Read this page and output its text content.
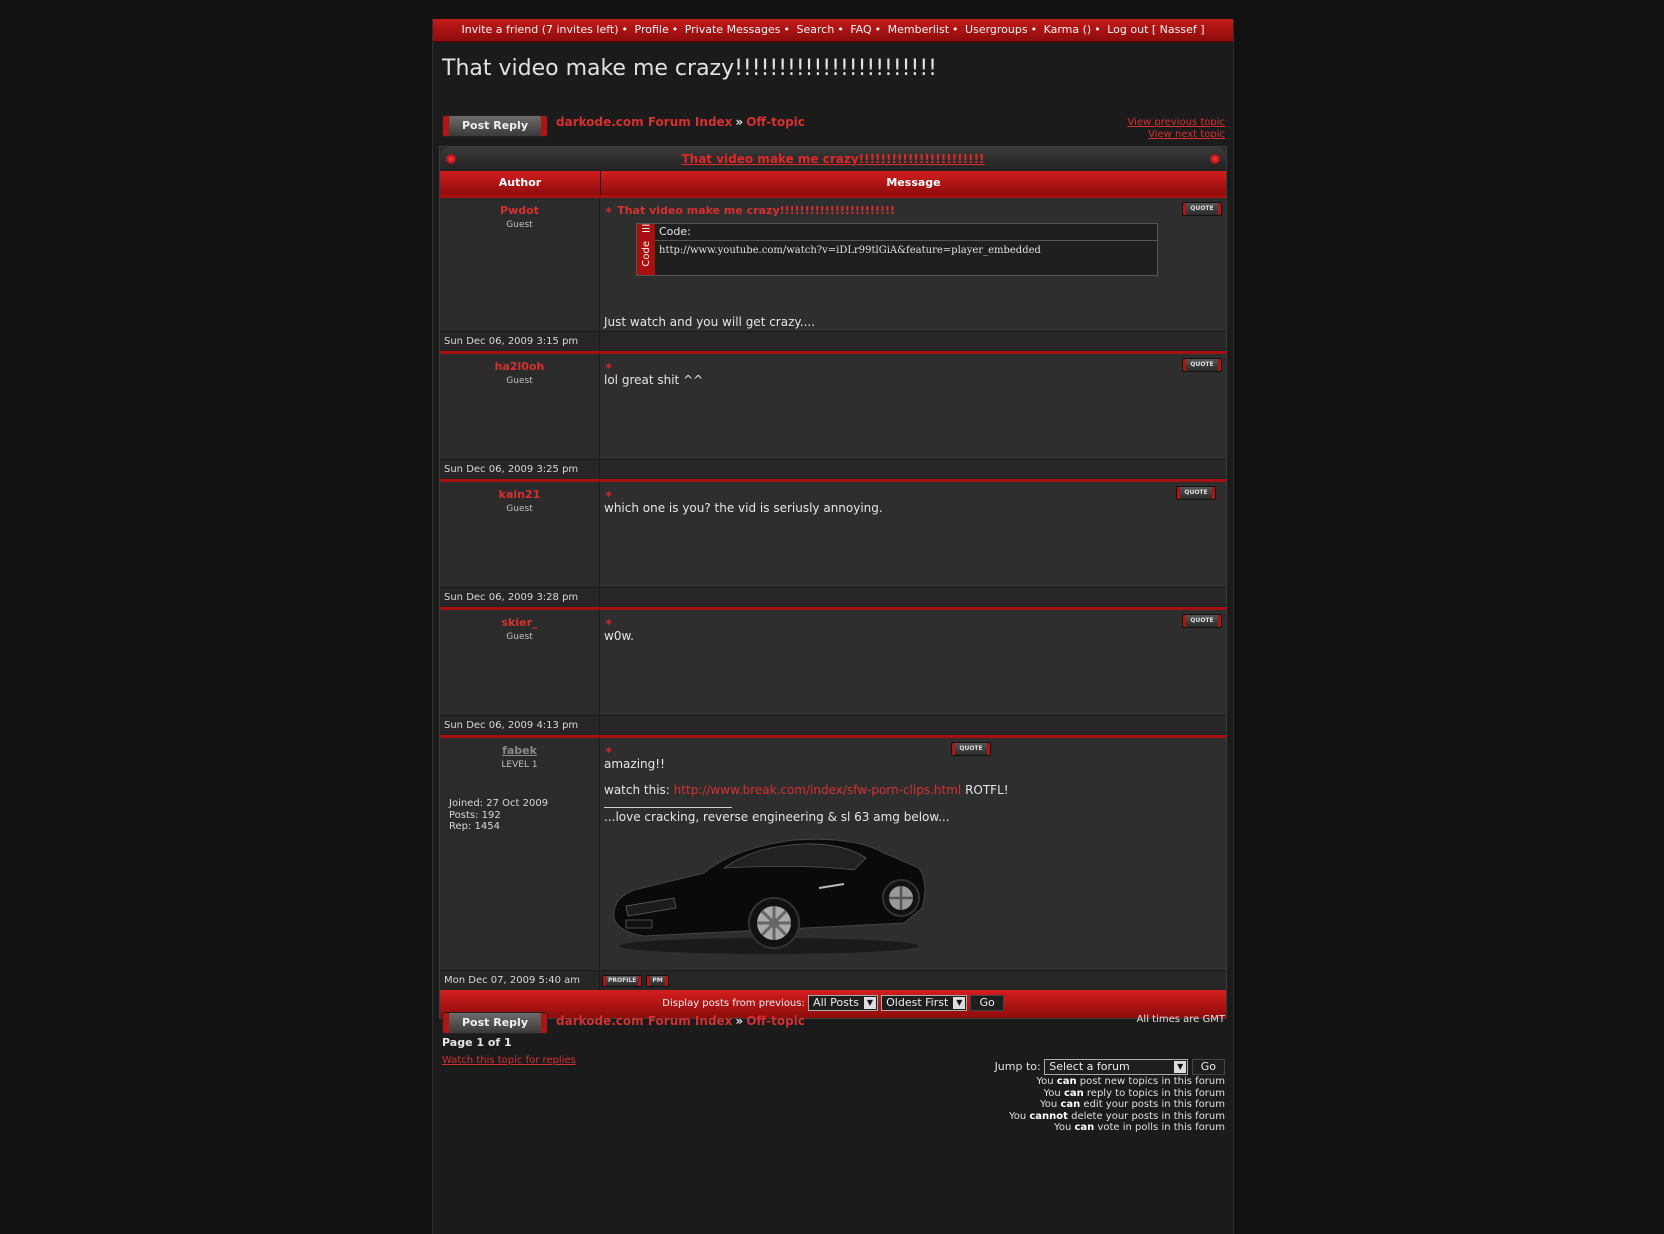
Invite a friend (7 invites left) • Profile • Private Messages • Search • FAQ • Memberlist • Usergroups • Karma () • Log out [ Nassef ]
That video make me crazy!!!!!!!!!!!!!!!!!!!!!!!
Post Reply	darkode.com Forum Index » Off-topic	View previous topic
View next topic
That video make me crazy!!!!!!!!!!!!!!!!!!!!!!!
Author	Message
Pwdot
Guest
✶ That video make me crazy!!!!!!!!!!!!!!!!!!!!!!!	QUOTE
☰
Code
Code:
http://www.youtube.com/watch?v=iDLr99tlGiA&feature=player_embedded
Just watch and you will get crazy....
Sun Dec 06, 2009 3:15 pm
ha2l0oh
Guest
✶	QUOTE
lol great shit ^^
Sun Dec 06, 2009 3:25 pm
kain21
Guest
✶	QUOTE
which one is you? the vid is seriusly annoying.
Sun Dec 06, 2009 3:28 pm
skier_
Guest
✶	QUOTE
w0w.
Sun Dec 06, 2009 4:13 pm
fabek
LEVEL 1
Joined: 27 Oct 2009
Posts: 192
Rep: 1454
✶	QUOTE
amazing!!
watch this: http://www.break.com/index/sfw-porn-clips.html ROTFL!
...love cracking, reverse engineering & sl 63 amg below...
Mon Dec 07, 2009 5:40 am	PROFILE	PM
Display posts from previous: All Posts ▼ Oldest First ▼ Go
Post Reply	darkode.com Forum Index » Off-topic	All times are GMT
Page 1 of 1
Watch this topic for replies	Jump to: Select a forum	▼ Go
You can post new topics in this forum
You can reply to topics in this forum
You can edit your posts in this forum
You cannot delete your posts in this forum
You can vote in polls in this forum
